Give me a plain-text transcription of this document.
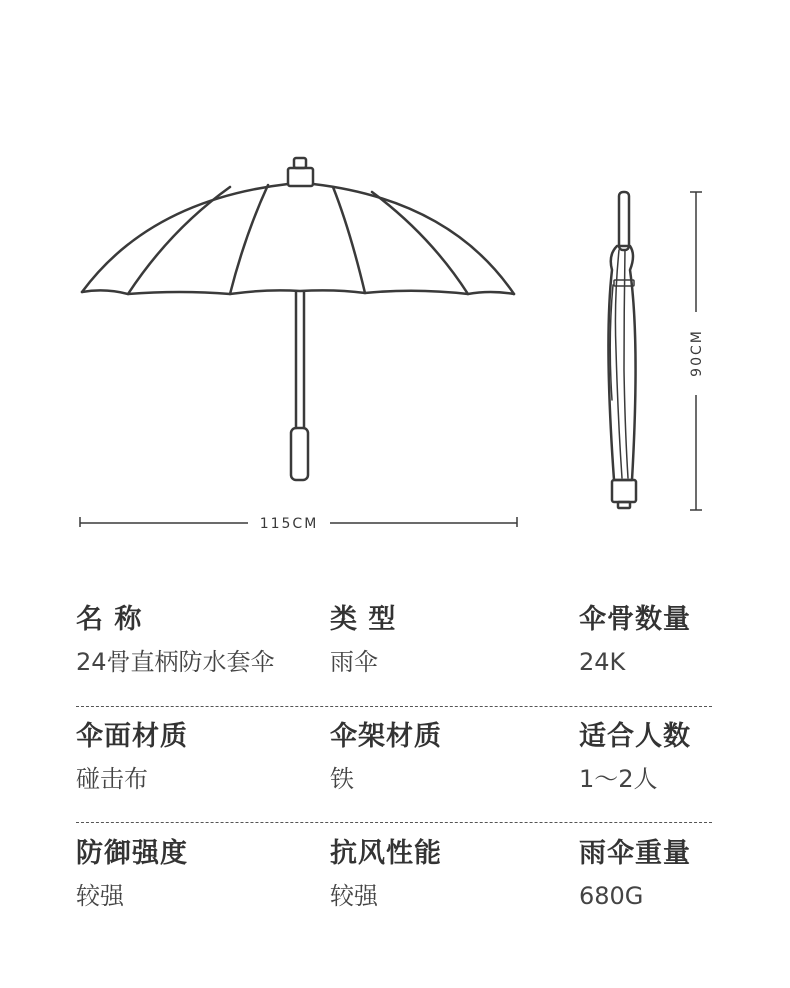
115CM
90CM
名 称
24骨直柄防水套伞
类 型
雨伞
伞骨数量
24K
伞面材质
碰击布
伞架材质
铁
适合人数
1～2人
防御强度
较强
抗风性能
较强
雨伞重量
680G
